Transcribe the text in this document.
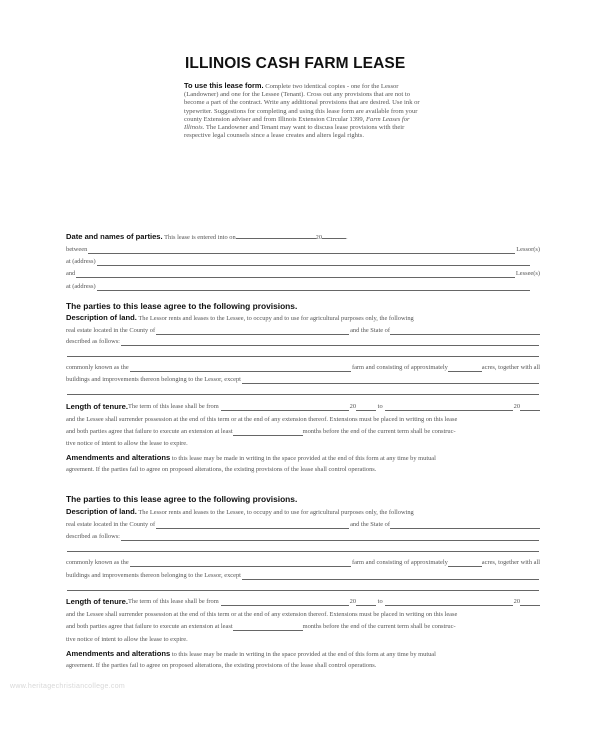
ILLINOIS CASH FARM LEASE
To use this lease form. Complete two identical copies - one for the Lessor (Landowner) and one for the Lessee (Tenant). Cross out any provisions that are not to become a part of the contract. Write any additional provisions that are desired. Use ink or typewriter. Suggestions for completing and using this lease form are available from your county Extension adviser and from Illinois Extension Circular 1399, Farm Leases for Illinois. The Landowner and Tenant may want to discuss lease provisions with their respective legal counsels since a lease creates and alters legal rights.
Date and names of parties. This lease is entered into on	20	.
between	Lessor(s)
at (address)
and	Lessee(s)
at (address)
The parties to this lease agree to the following provisions.
Description of land. The Lessor rents and leases to the Lessee, to occupy and to use for agricultural purposes only, the following
real estate located in the County of	and the State of
described as follows:
commonly known as the	farm and consisting of approximately	acres, together with all
buildings and improvements thereon belonging to the Lessor, except
Length of tenure. The term of this lease shall be from
	20
	to
	20
and the Lessee shall surrender possession at the end of this term or at the end of any extension thereof. Extensions must be placed in writing on this lease
and both parties agree that failure to execute an extension at least	months before the end of the current term shall be construc-
tive notice of intent to allow the lease to expire.
Amendments and alterations to this lease may be made in writing in the space provided at the end of this form at any time by mutual
agreement. If the parties fail to agree on proposed alterations, the existing provisions of the lease shall control operations.
The parties to this lease agree to the following provisions.
Description of land. The Lessor rents and leases to the Lessee, to occupy and to use for agricultural purposes only, the following
real estate located in the County of	and the State of
described as follows:
commonly known as the	farm and consisting of approximately	acres, together with all
buildings and improvements thereon belonging to the Lessor, except
Length of tenure. The term of this lease shall be from
	20
	to
	20
and the Lessee shall surrender possession at the end of this term or at the end of any extension thereof. Extensions must be placed in writing on this lease
and both parties agree that failure to execute an extension at least	months before the end of the current term shall be construc-
tive notice of intent to allow the lease to expire.
Amendments and alterations to this lease may be made in writing in the space provided at the end of this form at any time by mutual
agreement. If the parties fail to agree on proposed alterations, the existing provisions of the lease shall control operations.
www.heritagechristiancollege.com
